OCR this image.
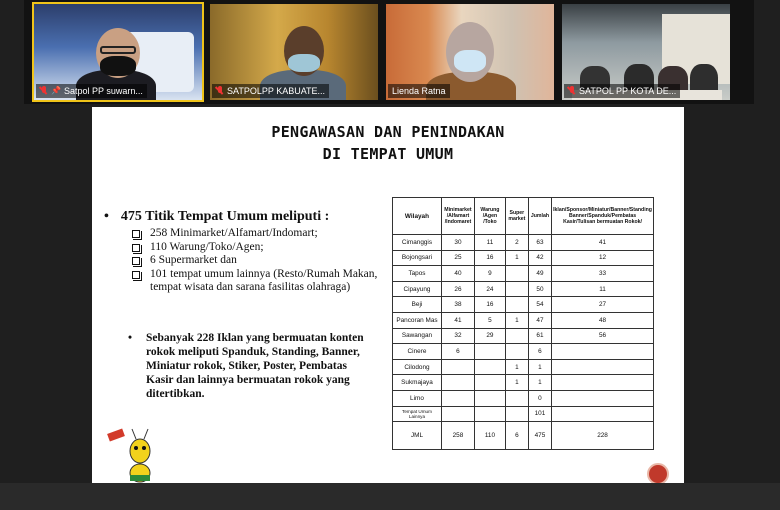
📌 Satpol PP suwarn...	SATPOLPP KABUATE...	Lienda Ratna	SATPOL PP KOTA DE...
PENGAWASAN DAN PENINDAKAN
DI TEMPAT UMUM
• 475 Titik Tempat Umum meliputi :
258 Minimarket/Alfamart/Indomart;
110 Warung/Toko/Agen;
6 Supermarket dan
101 tempat umum lainnya (Resto/Rumah Makan, tempat wisata dan sarana fasilitas olahraga)
• Sebanyak 228 Iklan yang bermuatan konten rokok meliputi Spanduk, Standing, Banner, Miniatur rokok, Stiker, Poster, Pembatas Kasir dan lainnya bermuatan rokok yang ditertibkan.
Wilayah	Minimarket /Alfamart /Indomaret	Warung /Agen /Toko	Super market	Jumlah	Iklan/Sponsor/Miniatur/Banner/Standing Banner/Spanduk/Pembatas Kasir/Tulisan bermuatan Rokok/
Cimanggis	30	11	2	63	41
Bojongsari	25	16	1	42	12
Tapos	40	9		49	33
Cipayung	26	24		50	11
Beji	38	16		54	27
Pancoran Mas	41	5	1	47	48
Sawangan	32	29		61	56
Cinere	6			6	
Cilodong			1	1	
Sukmajaya			1	1	
Limo				0	
Tempat Umum Lainnya				101	
JML	258	110	6	475	228
